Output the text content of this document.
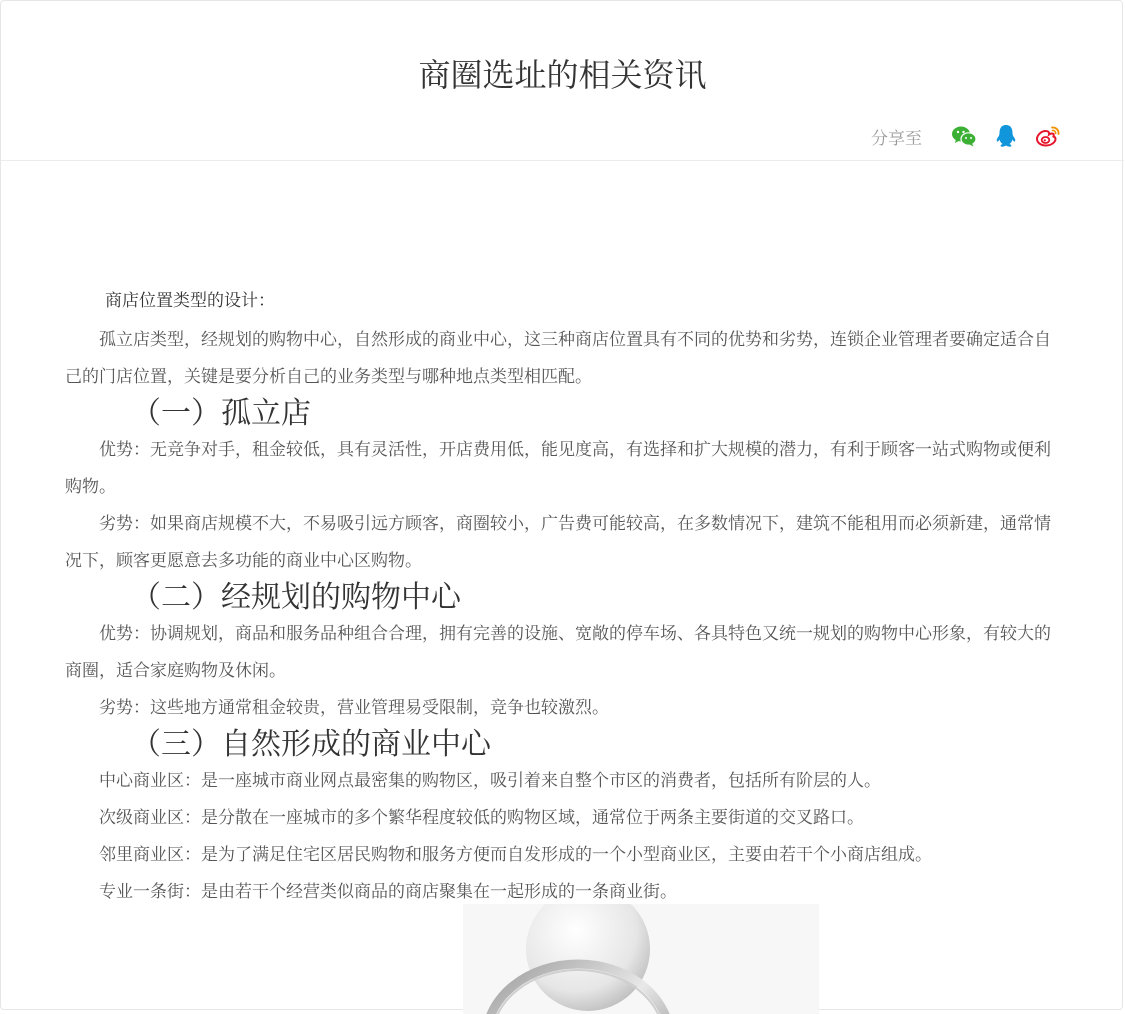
商圈选址的相关资讯
分享至

商店位置类型的设计：

孤立店类型，经规划的购物中心，自然形成的商业中心，这三种商店位置具有不同的优势和劣势，连锁企业管理者要确定适合自己的门店位置，关键是要分析自己的业务类型与哪种地点类型相匹配。

（一）孤立店

优势：无竞争对手，租金较低，具有灵活性，开店费用低，能见度高，有选择和扩大规模的潜力，有利于顾客一站式购物或便利购物。

劣势：如果商店规模不大，不易吸引远方顾客，商圈较小，广告费可能较高，在多数情况下，建筑不能租用而必须新建，通常情况下，顾客更愿意去多功能的商业中心区购物。

（二）经规划的购物中心

优势：协调规划，商品和服务品种组合合理，拥有完善的设施、宽敞的停车场、各具特色又统一规划的购物中心形象，有较大的商圈，适合家庭购物及休闲。

劣势：这些地方通常租金较贵，营业管理易受限制，竞争也较激烈。

（三）自然形成的商业中心

中心商业区：是一座城市商业网点最密集的购物区，吸引着来自整个市区的消费者，包括所有阶层的人。

次级商业区：是分散在一座城市的多个繁华程度较低的购物区域，通常位于两条主要街道的交叉路口。

邻里商业区：是为了满足住宅区居民购物和服务方便而自发形成的一个小型商业区，主要由若干个小商店组成。

专业一条街：是由若干个经营类似商品的商店聚集在一起形成的一条商业街。
